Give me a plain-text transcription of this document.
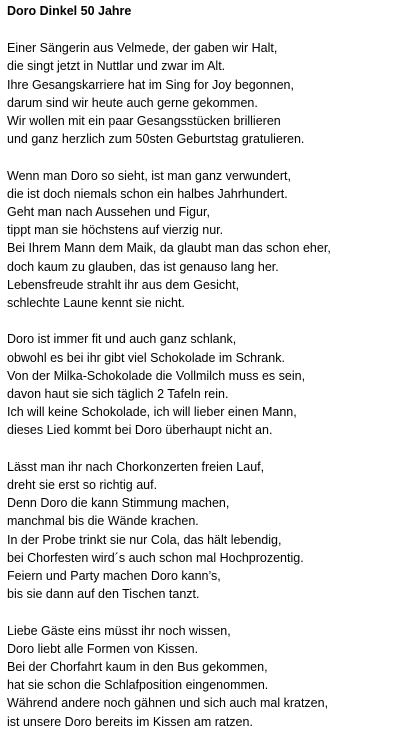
Doro Dinkel 50 Jahre
Einer Sängerin aus Velmede, der gaben wir Halt,
die singt jetzt in Nuttlar und zwar im Alt.
Ihre Gesangskarriere hat im Sing for Joy begonnen,
darum sind wir heute auch gerne gekommen.
Wir wollen mit ein paar Gesangsstücken brillieren
und ganz herzlich zum 50sten Geburtstag gratulieren.
Wenn man Doro so sieht, ist man ganz verwundert,
die ist doch niemals schon ein halbes Jahrhundert.
Geht man nach Aussehen und Figur,
tippt man sie höchstens auf vierzig nur.
Bei Ihrem Mann dem Maik, da glaubt man das schon eher,
doch kaum zu glauben, das ist genauso lang her.
Lebensfreude strahlt ihr aus dem Gesicht,
schlechte Laune kennt sie nicht.
Doro ist immer fit und auch ganz schlank,
obwohl es bei ihr gibt viel Schokolade im Schrank.
Von der Milka-Schokolade die Vollmilch muss es sein,
davon haut sie sich täglich 2 Tafeln rein.
Ich will keine Schokolade, ich will lieber einen Mann,
dieses Lied kommt bei Doro überhaupt nicht an.
Lässt man ihr nach Chorkonzerten freien Lauf,
dreht sie erst so richtig auf.
Denn Doro die kann Stimmung machen,
manchmal bis die Wände krachen.
In der Probe trinkt sie nur Cola, das hält lebendig,
bei Chorfesten wird´s auch schon mal Hochprozentig.
Feiern und Party machen Doro kann’s,
bis sie dann auf den Tischen tanzt.
Liebe Gäste eins müsst ihr noch wissen,
Doro liebt alle Formen von Kissen.
Bei der Chorfahrt kaum in den Bus gekommen,
hat sie schon die Schlafposition eingenommen.
Während andere noch gähnen und sich auch mal kratzen,
ist unsere Doro bereits im Kissen am ratzen.
